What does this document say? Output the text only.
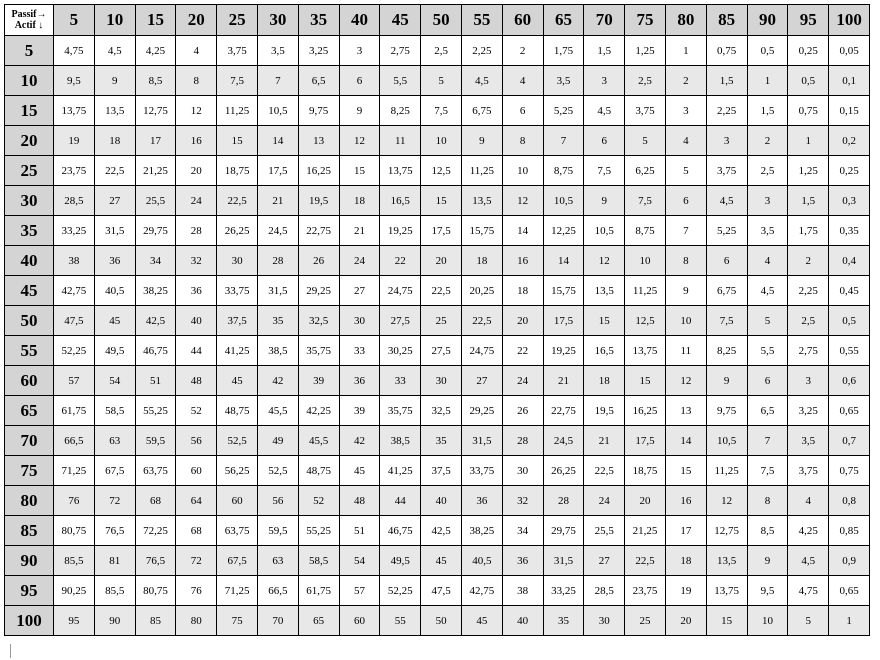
Passif→
Actif ↓	5	10	15	20	25	30	35	40	45	50	55	60	65	70	75	80	85	90	95	100
5	4,75	4,5	4,25	4	3,75	3,5	3,25	3	2,75	2,5	2,25	2	1,75	1,5	1,25	1	0,75	0,5	0,25	0,05
10	9,5	9	8,5	8	7,5	7	6,5	6	5,5	5	4,5	4	3,5	3	2,5	2	1,5	1	0,5	0,1
15	13,75	13,5	12,75	12	11,25	10,5	9,75	9	8,25	7,5	6,75	6	5,25	4,5	3,75	3	2,25	1,5	0,75	0,15
20	19	18	17	16	15	14	13	12	11	10	9	8	7	6	5	4	3	2	1	0,2
25	23,75	22,5	21,25	20	18,75	17,5	16,25	15	13,75	12,5	11,25	10	8,75	7,5	6,25	5	3,75	2,5	1,25	0,25
30	28,5	27	25,5	24	22,5	21	19,5	18	16,5	15	13,5	12	10,5	9	7,5	6	4,5	3	1,5	0,3
35	33,25	31,5	29,75	28	26,25	24,5	22,75	21	19,25	17,5	15,75	14	12,25	10,5	8,75	7	5,25	3,5	1,75	0,35
40	38	36	34	32	30	28	26	24	22	20	18	16	14	12	10	8	6	4	2	0,4
45	42,75	40,5	38,25	36	33,75	31,5	29,25	27	24,75	22,5	20,25	18	15,75	13,5	11,25	9	6,75	4,5	2,25	0,45
50	47,5	45	42,5	40	37,5	35	32,5	30	27,5	25	22,5	20	17,5	15	12,5	10	7,5	5	2,5	0,5
55	52,25	49,5	46,75	44	41,25	38,5	35,75	33	30,25	27,5	24,75	22	19,25	16,5	13,75	11	8,25	5,5	2,75	0,55
60	57	54	51	48	45	42	39	36	33	30	27	24	21	18	15	12	9	6	3	0,6
65	61,75	58,5	55,25	52	48,75	45,5	42,25	39	35,75	32,5	29,25	26	22,75	19,5	16,25	13	9,75	6,5	3,25	0,65
70	66,5	63	59,5	56	52,5	49	45,5	42	38,5	35	31,5	28	24,5	21	17,5	14	10,5	7	3,5	0,7
75	71,25	67,5	63,75	60	56,25	52,5	48,75	45	41,25	37,5	33,75	30	26,25	22,5	18,75	15	11,25	7,5	3,75	0,75
80	76	72	68	64	60	56	52	48	44	40	36	32	28	24	20	16	12	8	4	0,8
85	80,75	76,5	72,25	68	63,75	59,5	55,25	51	46,75	42,5	38,25	34	29,75	25,5	21,25	17	12,75	8,5	4,25	0,85
90	85,5	81	76,5	72	67,5	63	58,5	54	49,5	45	40,5	36	31,5	27	22,5	18	13,5	9	4,5	0,9
95	90,25	85,5	80,75	76	71,25	66,5	61,75	57	52,25	47,5	42,75	38	33,25	28,5	23,75	19	13,75	9,5	4,75	0,65
100	95	90	85	80	75	70	65	60	55	50	45	40	35	30	25	20	15	10	5	1
